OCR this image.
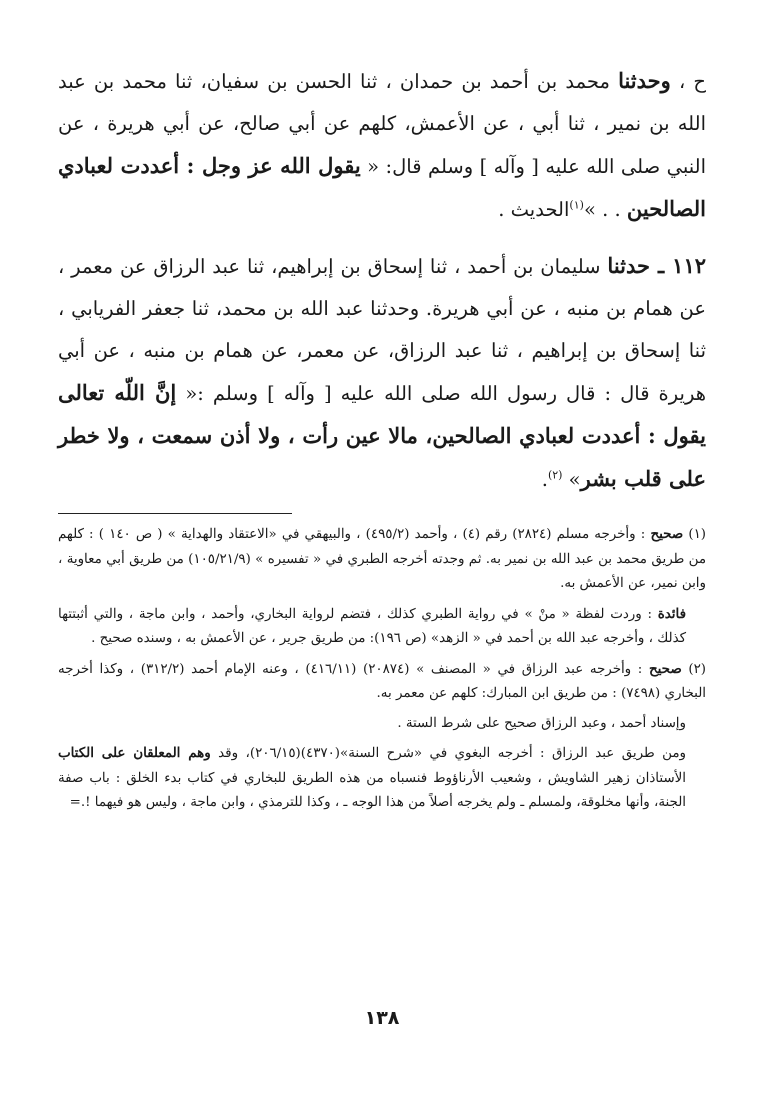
ح ، وحدثنا محمد بن أحمد بن حمدان ، ثنا الحسن بن سفيان، ثنا محمد بن عبد الله بن نمير ، ثنا أبي ، عن الأعمش، كلهم عن أبي صالح، عن أبي هريرة ، عن النبي صلى الله عليه [ وآله ] وسلم قال: « يقول الله عز وجل : أعددت لعبادي الصالحين . . »$^{(١)}$الحديث .

١١٢ ـ حدثنا سليمان بن أحمد ، ثنا إسحاق بن إبراهيم، ثنا عبد الرزاق عن معمر ، عن همام بن منبه ، عن أبي هريرة. وحدثنا عبد الله بن محمد، ثنا جعفر الفريابي ، ثنا إسحاق بن إبراهيم ، ثنا عبد الرزاق، عن معمر، عن همام بن منبه ، عن أبي هريرة قال : قال رسول الله صلى الله عليه [ وآله ] وسلم :« إنَّ اللّه تعالى يقول : أعددت لعبادي الصالحين، مالا عين رأت ، ولا أذن سمعت ، ولا خطر على قلب بشر» $^{(٢)}$.

(١) صحيح : وأخرجه مسلم (٢٨٢٤) رقم (٤) ، وأحمد (٤٩٥/٢) ، والبيهقي في «الاعتقاد والهداية » ( ص ١٤٠ ) : كلهم من طريق محمد بن عبد الله بن نمير به. ثم وجدته أخرجه الطبري في « تفسيره » (١٠٥/٢١/٩) من طريق أبي معاوية ، وابن نمير، عن الأعمش به.

فائدة : وردت لفظة « منْ » في رواية الطبري كذلك ، فتضم لرواية البخاري، وأحمد ، وابن ماجة ، والتي أثبتتها كذلك ، وأخرجه عبد الله بن أحمد في « الزهد» (ص ١٩٦): من طريق جرير ، عن الأعمش به ، وسنده صحيح .

(٢) صحيح : وأخرجه عبد الرزاق في « المصنف » (٢٠٨٧٤) (٤١٦/١١) ، وعنه الإمام أحمد (٣١٢/٢) ، وكذا أخرجه البخاري (٧٤٩٨) : من طريق ابن المبارك: كلهم عن معمر به.

وإسناد أحمد ، وعبد الرزاق صحيح على شرط الستة .

ومن طريق عبد الرزاق : أخرجه البغوي في «شرح السنة»(٤٣٧٠)(٢٠٦/١٥)، وقد وهم المعلقان على الكتاب الأستاذان زهير الشاويش ، وشعيب الأرناؤوط فنسباه من هذه الطريق للبخاري في كتاب بدء الخلق : باب صفة الجنة، وأنها مخلوقة، ولمسلم ـ ولم يخرجه أصلاً من هذا الوجه ـ ، وكذا للترمذي ، وابن ماجة ، وليس هو فيهما !.=

١٣٨
